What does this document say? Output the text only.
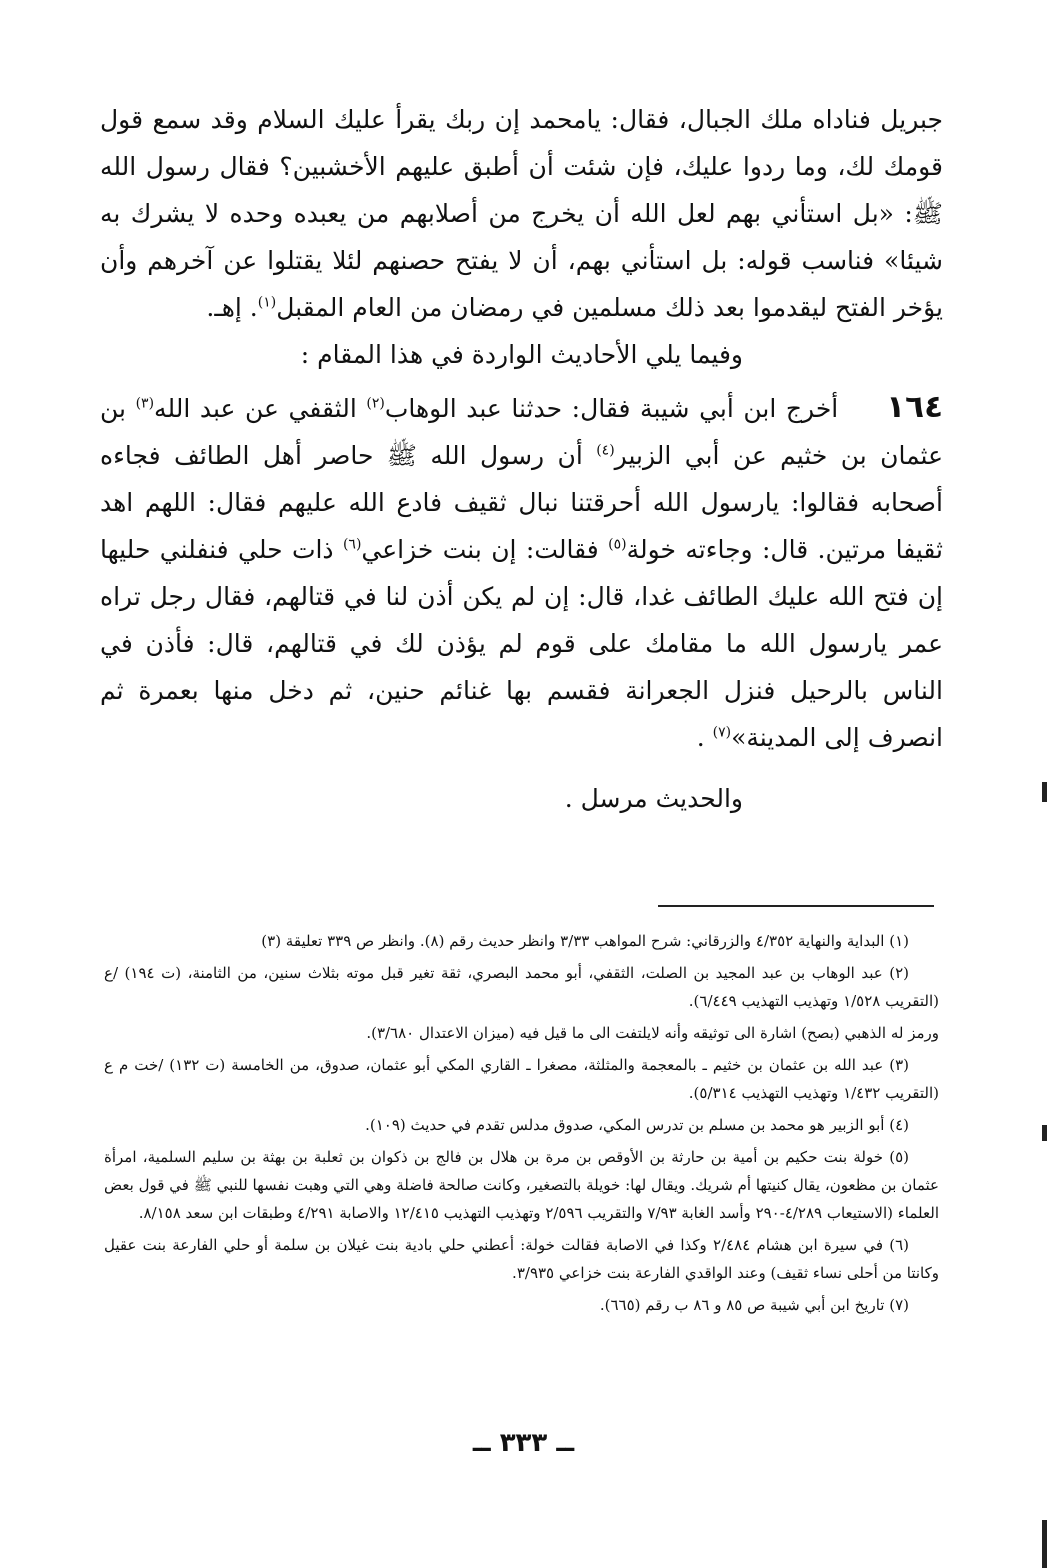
جبريل فناداه ملك الجبال، فقال: يامحمد إن ربك يقرأ عليك السلام وقد سمع قول قومك لك، وما ردوا عليك، فإن شئت أن أطبق عليهم الأخشبين؟ فقال رسول الله ﷺ: «بل استأني بهم لعل الله أن يخرج من أصلابهم من يعبده وحده لا يشرك به شيئا» فناسب قوله: بل استأني بهم، أن لا يفتح حصنهم لئلا يقتلوا عن آخرهم وأن يؤخر الفتح ليقدموا بعد ذلك مسلمين في رمضان من العام المقبل$^{(١)}$. إهـ.

وفيما يلي الأحاديث الواردة في هذا المقام :

١٦٤أخرج ابن أبي شيبة فقال: حدثنا عبد الوهاب$^{(٢)}$ الثقفي عن عبد الله$^{(٣)}$ بن عثمان بن خثيم عن أبي الزبير$^{(٤)}$ أن رسول الله ﷺ حاصر أهل الطائف فجاءه أصحابه فقالوا: يارسول الله أحرقتنا نبال ثقيف فادع الله عليهم فقال: اللهم اهد ثقيفا مرتين. قال: وجاءته خولة$^{(٥)}$ فقالت: إن بنت خزاعي$^{(٦)}$ ذات حلي فنفلني حليها إن فتح الله عليك الطائف غدا، قال: إن لم يكن أذن لنا في قتالهم، فقال رجل تراه عمر يارسول الله ما مقامك على قوم لم يؤذن لك في قتالهم، قال: فأذن في الناس بالرحيل فنزل الجعرانة فقسم بها غنائم حنين، ثم دخل منها بعمرة ثم انصرف إلى المدينة»$^{(٧)}$ .

والحديث مرسل .

(١) البداية والنهاية ٤/٣٥٢ والزرقاني: شرح المواهب ٣/٣٣ وانظر حديث رقم (٨). وانظر ص ٣٣٩ تعليقة (٣)

(٢) عبد الوهاب بن عبد المجيد بن الصلت، الثقفي، أبو محمد البصري، ثقة تغير قبل موته بثلاث سنين، من الثامنة، (ت ١٩٤) /ع (التقريب ١/٥٢٨ وتهذيب التهذيب ٦/٤٤٩).

ورمز له الذهبي (بصح) اشارة الى توثيقه وأنه لايلتفت الى ما قيل فيه (ميزان الاعتدال ٣/٦٨٠).

(٣) عبد الله بن عثمان بن خثيم ـ بالمعجمة والمثلثة، مصغرا ـ القاري المكي أبو عثمان، صدوق، من الخامسة (ت ١٣٢) /خت م ع (التقريب ١/٤٣٢ وتهذيب التهذيب ٥/٣١٤).

(٤) أبو الزبير هو محمد بن مسلم بن تدرس المكي، صدوق مدلس تقدم في حديث (١٠٩).

(٥) خولة بنت حكيم بن أمية بن حارثة بن الأوقص بن مرة بن هلال بن فالج بن ذكوان بن ثعلبة بن بهثة بن سليم السلمية، امرأة عثمان بن مظعون، يقال كنيتها أم شريك. ويقال لها: خويلة بالتصغير، وكانت صالحة فاضلة وهي التي وهبت نفسها للنبي ﷺ في قول بعض العلماء (الاستيعاب ٤/٢٨٩-٢٩٠ وأسد الغابة ٧/٩٣ والتقريب ٢/٥٩٦ وتهذيب التهذيب ١٢/٤١٥ والاصابة ٤/٢٩١ وطبقات ابن سعد ٨/١٥٨.

(٦) في سيرة ابن هشام ٢/٤٨٤ وكذا في الاصابة فقالت خولة: أعطني حلي بادية بنت غيلان بن سلمة أو حلي الفارعة بنت عقيل وكانتا من أحلى نساء ثقيف) وعند الواقدي الفارعة بنت خزاعي ٣/٩٣٥.

(٧) تاريخ ابن أبي شيبة ص ٨٥ و ٨٦ ب رقم (٦٦٥).

ــ ٣٣٣ ــ
